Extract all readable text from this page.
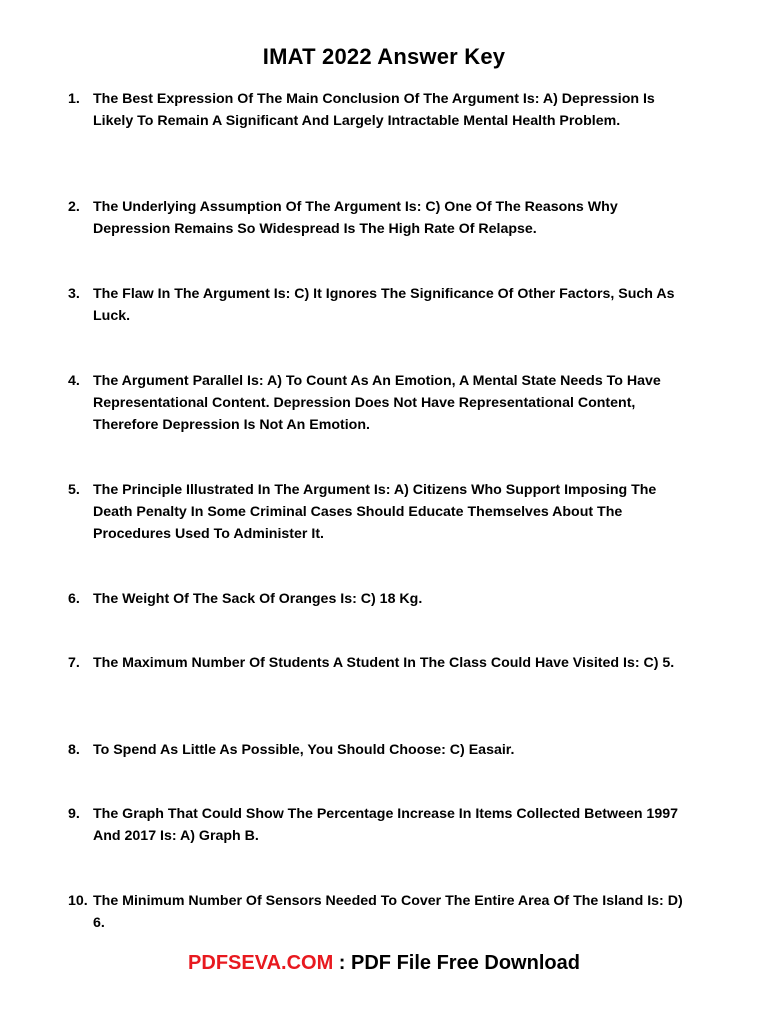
IMAT 2022 Answer Key
1. The Best Expression Of The Main Conclusion Of The Argument Is: A) Depression Is Likely To Remain A Significant And Largely Intractable Mental Health Problem.
2. The Underlying Assumption Of The Argument Is: C) One Of The Reasons Why Depression Remains So Widespread Is The High Rate Of Relapse.
3. The Flaw In The Argument Is: C) It Ignores The Significance Of Other Factors, Such As Luck.
4. The Argument Parallel Is: A) To Count As An Emotion, A Mental State Needs To Have Representational Content. Depression Does Not Have Representational Content, Therefore Depression Is Not An Emotion.
5. The Principle Illustrated In The Argument Is: A) Citizens Who Support Imposing The Death Penalty In Some Criminal Cases Should Educate Themselves About The Procedures Used To Administer It.
6. The Weight Of The Sack Of Oranges Is: C) 18 Kg.
7. The Maximum Number Of Students A Student In The Class Could Have Visited Is: C) 5.
8. To Spend As Little As Possible, You Should Choose: C) Easair.
9. The Graph That Could Show The Percentage Increase In Items Collected Between 1997 And 2017 Is: A) Graph B.
10. The Minimum Number Of Sensors Needed To Cover The Entire Area Of The Island Is: D) 6.
PDFSEVA.COM : PDF File Free Download
